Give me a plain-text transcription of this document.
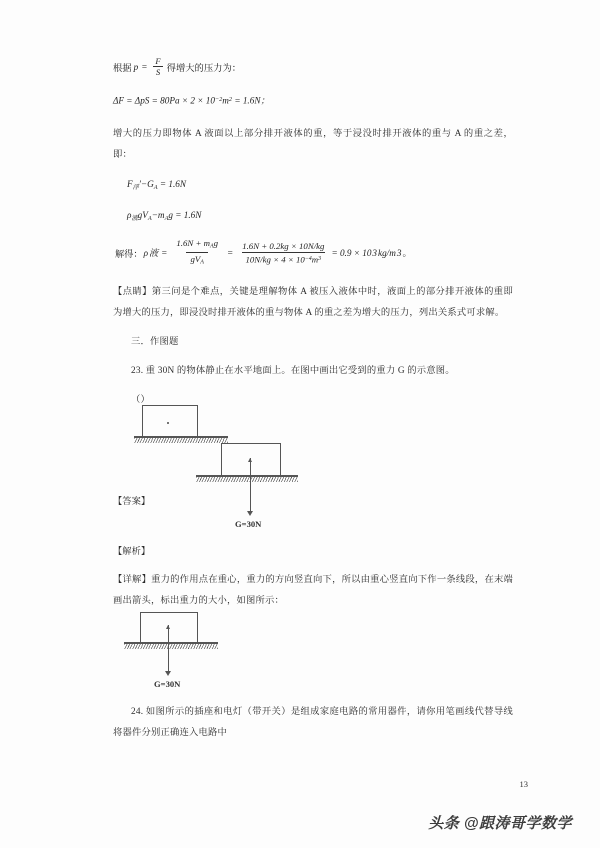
根据 $p = \frac{F}{S}$ 得增大的压力为：
$\Delta F = \Delta pS = 80Pa \times 2 \times 10^{-2}m^2 = 1.6N$；
增大的压力即物体 A 液面以上部分排开液体的重，等于浸没时排开液体的重与 A 的重之差，即：
$F_浮'-G_A = 1.6N$
$\rho_液gV_A-m_Ag = 1.6N$
解得： ρ 液 = $\frac{1.6N + m_Ag}{gV_A} = \frac{1.6N + 0.2kg \times 10N/kg}{10N/kg \times 4 \times 10^{-4}m^3} = 0.9 \times 10$ 3 kg/m 3 。
【点睛】第三问是个难点，关键是理解物体 A 被压入液体中时，液面上的部分排开液体的重即为增大的压力，即浸没时排开液体的重与物体 A 的重之差为增大的压力，列出关系式可求解。
三．作图题
23. 重 30N 的物体静止在水平地面上。在图中画出它受到的重力 G 的示意图。
（）
G=30N
【答案】
【解析】
【详解】重力的作用点在重心，重力的方向竖直向下，所以由重心竖直向下作一条线段，在末端画出箭头，标出重力的大小，如图所示：
G=30N
24. 如图所示的插座和电灯（带开关）是组成家庭电路的常用器件，请你用笔画线代替导线将器件分别正确连入电路中
13
头条 @跟涛哥学数学
